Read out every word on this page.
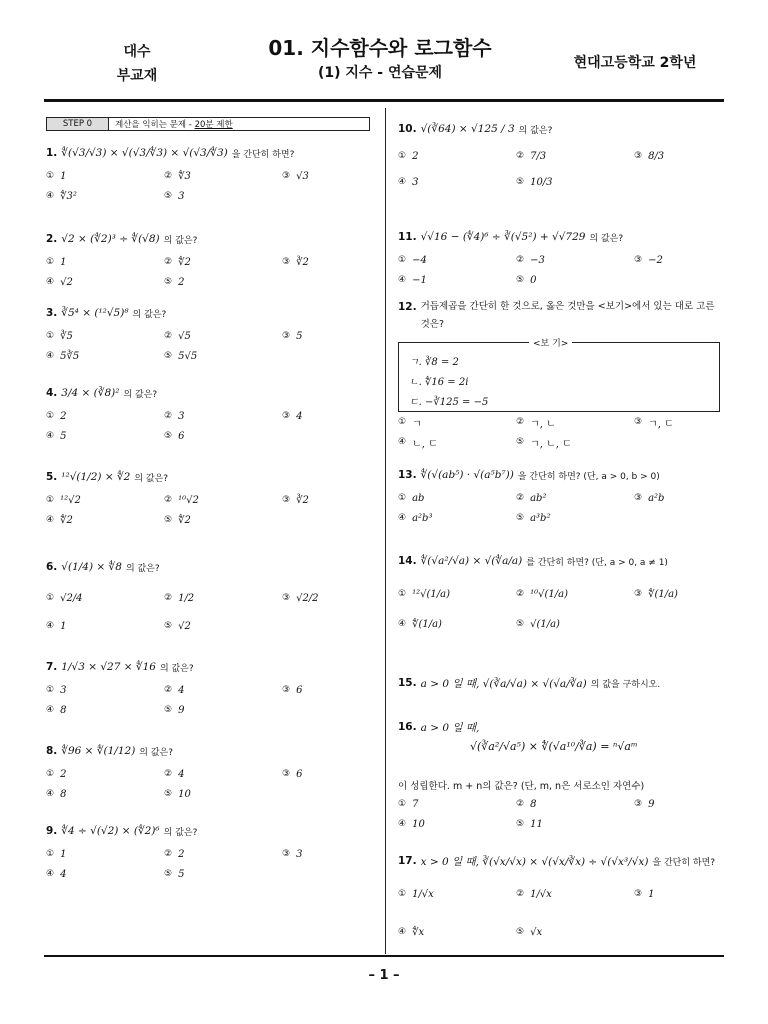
대수
부교재
01. 지수함수와 로그함수
(1) 지수 - 연습문제
현대고등학교 2학년
STEP 0	계산을 익히는 문제 - 20분 제한
1. ∜(√3/√3) × √(√3/∜3) × √(√3/∜3) 을 간단히 하면?
① 1	② ∜3	③ √3
④ ∜3²	⑤ 3
2. √2 × (∜2)³ ÷ ∜(√8) 의 값은?
① 1	② ∜2	③ ∛2
④ √2	⑤ 2
3. ∛5⁴ × (¹²√5)⁸ 의 값은?
① ∛5	② √5	③ 5
④ 5∛5	⑤ 5√5
4. 3/4 × (∛8)² 의 값은?
① 2	② 3	③ 4
④ 5	⑤ 6
5. ¹²√(1/2) × ∜2 의 값은?
① ¹²√2	② ¹⁰√2	③ ∛2
④ ∜2	⑤ ∜2
6. √(1/4) × ∜8 의 값은?
① √2/4	② 1/2	③ √2/2
④ 1	⑤ √2
7. 1/√3 × √27 × ∜16 의 값은?
① 3	② 4	③ 6
④ 8	⑤ 9
8. ∜96 × ∜(1/12) 의 값은?
① 2	② 4	③ 6
④ 8	⑤ 10
9. ∜4 ÷ √(√2) × (∜2)⁶ 의 값은?
① 1	② 2	③ 3
④ 4	⑤ 5
10. √(∛64) × √125 / 3 의 값은?
① 2	② 7/3	③ 8/3
④ 3	⑤ 10/3
11. √√16 − (∜4)⁶ ÷ ∛(√5²) + √√729 의 값은?
① −4	② −3	③ −2
④ −1	⑤ 0
12. 거듭제곱을 간단히 한 것으로, 옳은 것만을 <보기>에서 있는 대로 고른 것은?
<보 기>
ㄱ. ∛8 = 2
ㄴ. ∜16 = 2i
ㄷ. −∛125 = −5
① ㄱ	② ㄱ, ㄴ	③ ㄱ, ㄷ
④ ㄴ, ㄷ	⑤ ㄱ, ㄴ, ㄷ
13. ∜(√(ab⁵) · √(a⁵b⁷)) 을 간단히 하면? (단, a > 0, b > 0)
① ab	② ab²	③ a²b
④ a²b³	⑤ a³b²
14. ∜(√a²/√a) × √(∜a/a) 를 간단히 하면? (단, a > 0, a ≠ 1)
① ¹²√(1/a)	② ¹⁰√(1/a)	③ ∜(1/a)
④ ∜(1/a)	⑤ √(1/a)
15. a > 0 일 때, √(∛a/√a) × √(√a/∛a) 의 값을 구하시오.
16. a > 0 일 때,
√(∛a²/√a⁵) × ∜(√a¹⁰/∛a) = ⁿ√aᵐ
이 성립한다. m + n의 값은? (단, m, n은 서로소인 자연수)
① 7	② 8	③ 9
④ 10	⑤ 11
17. x > 0 일 때, ∛(√x/√x) × √(√x/∛x) ÷ √(√x³/√x) 을 간단히 하면?
① 1/√x	② 1/√x	③ 1
④ ∜x	⑤ √x
– 1 –
